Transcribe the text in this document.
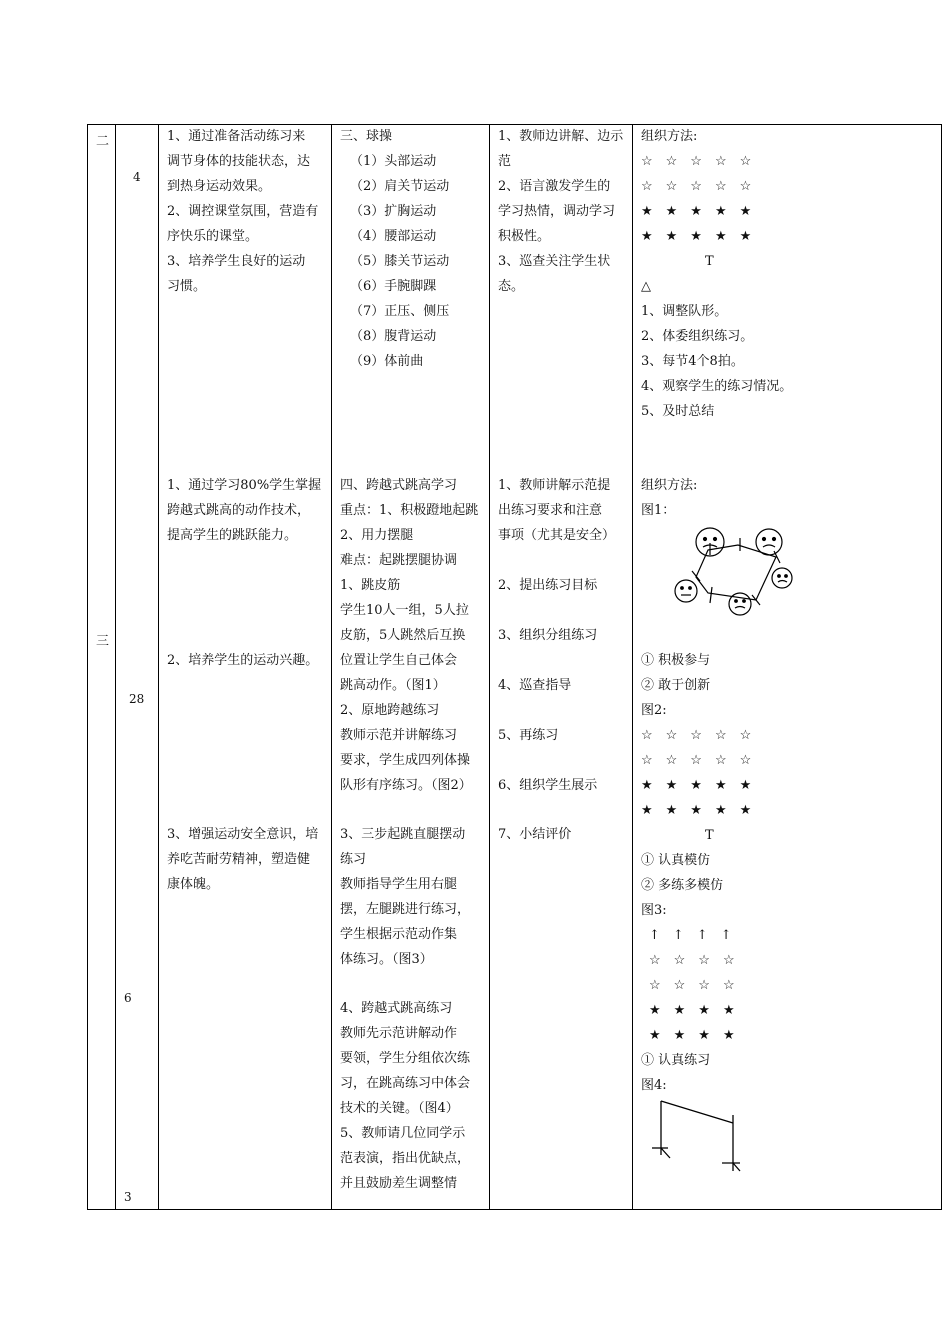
二
三
4
28
6
3
1、通过准备活动练习来
调节身体的技能状态，达
到热身运动效果。
2、调控课堂氛围，营造有
序快乐的课堂。
3、培养学生良好的运动
习惯。
三、球操
（1）头部运动
（2）肩关节运动
（3）扩胸运动
（4）腰部运动
（5）膝关节运动
（6）手腕脚踝
（7）正压、侧压
（8）腹背运动
（9）体前曲
1、教师边讲解、边示
范
2、语言激发学生的
学习热情，调动学习
积极性。
3、巡查关注学生状
态。
组织方法:
☆　☆　☆　☆　☆
☆　☆　☆　☆　☆
★　★　★　★　★
★　★　★　★　★
T
△
1、调整队形。
2、体委组织练习。
3、每节4个8拍。
4、观察学生的练习情况。
5、及时总结
1、通过学习80%学生掌握
跨越式跳高的动作技术，
提高学生的跳跃能力。
2、培养学生的运动兴趣。
3、增强运动安全意识，培
养吃苦耐劳精神，塑造健
康体魄。
四、跨越式跳高学习
重点：1、积极蹬地起跳
2、用力摆腿
难点：起跳摆腿协调
1、跳皮筋
学生10人一组，5人拉
皮筋，5人跳然后互换
位置让学生自己体会
跳高动作。（图1）
2、原地跨越练习
教师示范并讲解练习
要求，学生成四列体操
队形有序练习。（图2）
3、三步起跳直腿摆动
练习
教师指导学生用右腿
摆，左腿跳进行练习，
学生根据示范动作集
体练习。（图3）
4、跨越式跳高练习
教师先示范讲解动作
要领，学生分组依次练
习，在跳高练习中体会
技术的关键。（图4）
5、教师请几位同学示
范表演，指出优缺点，
并且鼓励差生调整情
1、教师讲解示范提
出练习要求和注意
事项（尤其是安全）
2、提出练习目标
3、组织分组练习
4、巡查指导
5、再练习
6、组织学生展示
7、小结评价
组织方法:
图1：
① 积极参与
② 敢于创新
图2:
☆　☆　☆　☆　☆
☆　☆　☆　☆　☆
★　★　★　★　★
★　★　★　★　★
T
① 认真模仿
② 多练多模仿
图3:
↑　↑　↑　↑
☆　☆　☆　☆
☆　☆　☆　☆
★　★　★　★
★　★　★　★
① 认真练习
图4:
